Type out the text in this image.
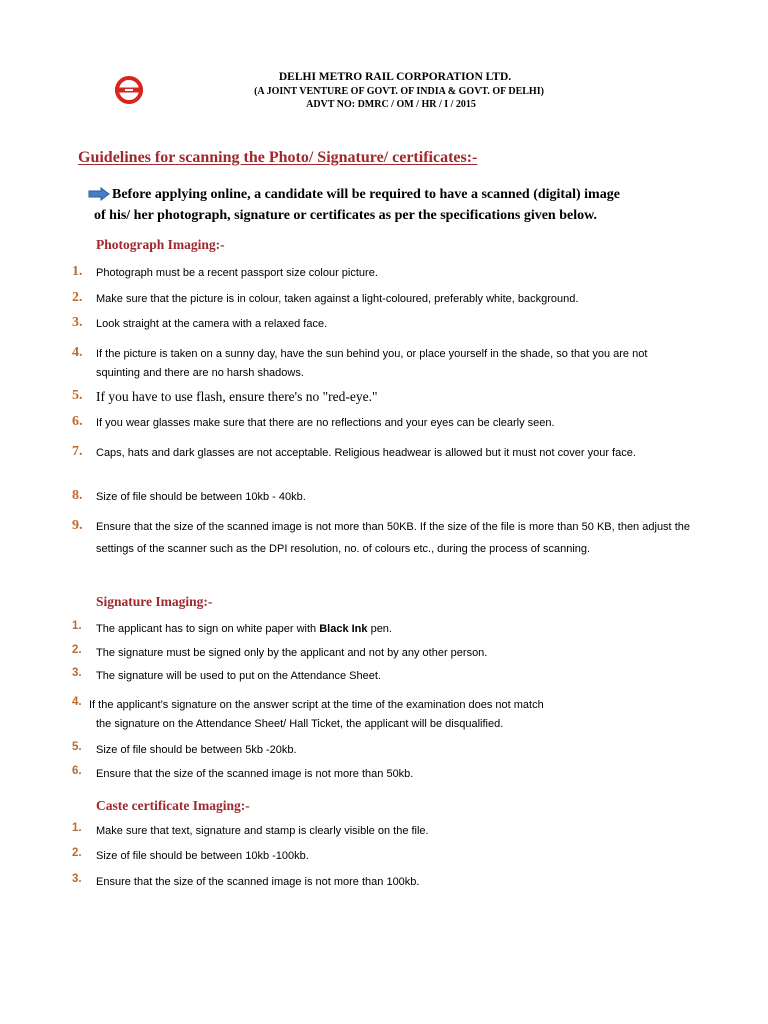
DELHI METRO RAIL CORPORATION LTD.
(A JOINT VENTURE OF GOVT. OF INDIA & GOVT. OF DELHI)
ADVT NO: DMRC / OM / HR / I / 2015
Guidelines for scanning the Photo/ Signature/ certificates:-
Before applying online, a candidate will be required to have a scanned (digital) image
of his/ her photograph, signature or certificates as per the specifications given below.
Photograph Imaging:-
1. Photograph must be a recent passport size colour picture.
2. Make sure that the picture is in colour, taken against a light-coloured, preferably white, background.
3. Look straight at the camera with a relaxed face.
4. If the picture is taken on a sunny day, have the sun behind you, or place yourself in the shade, so that you are not squinting and there are no harsh shadows.
5. If you have to use flash, ensure there's no "red-eye."
6. If you wear glasses make sure that there are no reflections and your eyes can be clearly seen.
7. Caps, hats and dark glasses are not acceptable. Religious headwear is allowed but it must not cover your face.
8. Size of file should be between 10kb - 40kb.
9. Ensure that the size of the scanned image is not more than 50KB. If the size of the file is more than 50 KB, then adjust the settings of the scanner such as the DPI resolution, no. of colours etc., during the process of scanning.
Signature Imaging:-
1. The applicant has to sign on white paper with Black Ink pen.
2. The signature must be signed only by the applicant and not by any other person.
3. The signature will be used to put on the Attendance Sheet.
4. If the applicant’s signature on the answer script at the time of the examination does not match
the signature on the Attendance Sheet/ Hall Ticket, the applicant will be disqualified.
5. Size of file should be between 5kb -20kb.
6. Ensure that the size of the scanned image is not more than 50kb.
Caste certificate Imaging:-
1. Make sure that text, signature and stamp is clearly visible on the file.
2. Size of file should be between 10kb -100kb.
3. Ensure that the size of the scanned image is not more than 100kb.
